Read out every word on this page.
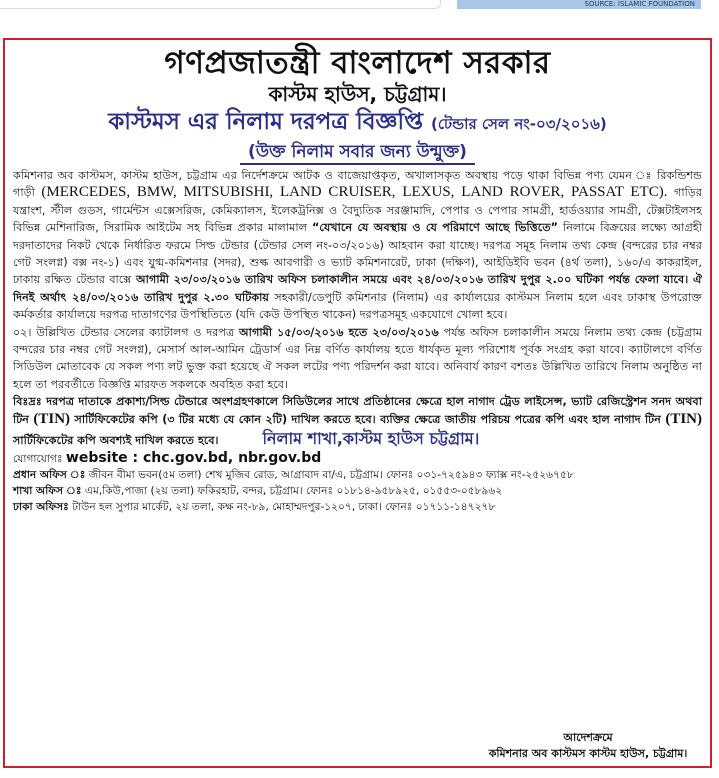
SOURCE: ISLAMIC FOUNDATION

গণপ্রজাতন্ত্রী বাংলাদেশ সরকার

কাস্টম হাউস, চট্টগ্রাম।

কাস্টমস এর নিলাম দরপত্র বিজ্ঞপ্তি (টেন্ডার সেল নং-০৩/২০১৬)

(উক্ত নিলাম সবার জন্য উন্মুক্ত)

কমিশনার অব কাস্টমস, কাস্টম হাউস, চট্টগ্রাম এর নির্দেশক্রমে আটক ও বাজেয়াপ্তকৃত, অখালাসকৃত অবস্থায় পড়ে থাকা বিভিন্ন পণ্য যেমন ঃ রিকন্ডিশন্ড গাড়ী (MERCEDES, BMW, MITSUBISHI, LAND CRUISER, LEXUS, LAND ROVER, PASSAT ETC). গাড়ির যন্ত্রাংশ, স্টীল গুডস, গার্মেন্টস এক্সেসরিজ, কেমিক্যালস, ইলেকট্রনিক্স ও বৈদ্যুতিক সরঞ্জামাদি, পেপার ও পেপার সামগ্রী, হার্ডওয়্যার সামগ্রী, টেক্সটাইলসহ বিভিন্ন মেশিনারিজ, সিরামিক আইটেম সহ বিভিন্ন প্রকার মালামাল “যেখানে যে অবস্থায় ও যে পরিমাণে আছে ভিত্তিতে” নিলামে বিক্রয়ের লক্ষ্যে আগ্রহী দরদাতাদের নিকট থেকে নির্ধারিত ফরমে সিল্ড টেন্ডার (টেন্ডার সেল নং-০৩/২০১৬) আহবান করা যাচ্ছে। দরপত্র সমূহ নিলাম তথ্য কেন্দ্র (বন্দরের চার নম্বর গেট সংলগ্ন) বক্স নং-১) এবং যুগ্ম-কমিশনার (সদর), শুল্ক আবগারী ও ভ্যাট কমিশনারেট, ঢাকা (দক্ষিণ), আইডিইবি ভবন (৪র্থ তলা), ১৬০/এ কাকরাইল, ঢাকায় রক্ষিত টেন্ডার বাক্সে আগামী ২৩/০৩/২০১৬ তারিখ অফিস চলাকালীন সময়ে এবং ২৪/০৩/২০১৬ তারিখ দুপুর ২.০০ ঘটিকা পর্যন্ত ফেলা যাবে। ঐ দিনই অর্থাৎ ২৪/০৩/২০১৬ তারিখ দুপুর ২.৩০ ঘটিকায় সহকারী/ডেপুটি কমিশনার (নিলাম) এর কার্যালয়ের কাস্টমস নিলাম হলে এবং ঢাকাস্থ উপরোক্ত কর্মকর্তার কার্যালয়ে দরপত্র দাতাগণের উপস্থিতিতে (যদি কেউ উপস্থিত থাকেন) দরপত্রসমূহ একযোগে খোলা হবে।

০২। উল্লিখিত টেন্ডার সেলের ক্যাটালগ ও দরপত্র আগামী ১৫/০৩/২০১৬ হতে ২৩/০৩/২০১৬ পর্যন্ত অফিস চলাকালীন সময়ে নিলাম তথ্য কেন্দ্র (চট্টগ্রাম বন্দরের চার নম্বর গেট সংলগ্ন), মেসার্স আল-আমিন ট্রেডার্স এর নিম্ন বর্ণিত কার্যালয় হতে ধার্যকৃত মূল্য পরিশোধ পূর্বক সংগ্রহ করা যাবে। ক্যাটালগে বর্ণিত সিডিউল মোতাবেক যে সকল পণ্য লট ভুক্ত করা হয়েছে ঐ সকল লটের পণ্য পরিদর্শন করা যাবে। অনিবার্য কারণ বশতঃ উল্লিখিত তারিখে নিলাম অনুষ্ঠিত না হলে তা পরবর্তীতে বিজ্ঞপ্তি মারফত সকলকে অবহিত করা হবে।

বিঃদ্রঃ দরপত্র দাতাকে প্রকাশ্য/সিল্ড টেন্ডারে অংশগ্রহণকালে সিডিউলের সাথে প্রতিষ্ঠানের ক্ষেত্রে হাল নাগাদ ট্রেড লাইসেন্স, ভ্যাট রেজিস্ট্রেশন সনদ অথবা টিন (TIN) সার্টিফিকেটের কপি (৩ টির মধ্যে যে কোন ২টি) দাখিল করতে হবে। ব্যক্তির ক্ষেত্রে জাতীয় পরিচয় পত্রের কপি এবং হাল নাগাদ টিন (TIN) সার্টিফিকেটের কপি অবশ্যই দাখিল করতে হবে।	নিলাম শাখা,কাস্টম হাউস চট্টগ্রাম।

যোগাযোগঃ website : chc.gov.bd, nbr.gov.bd

প্রধান অফিস ঃ জীবন বীমা ভবন(৫ম তলা) শেখ মুজিব রোড, আগ্রাবাদ বা/এ, চট্টগ্রাম। ফোনঃ ০৩১-৭২৫৯৪৩ ফ্যাক্স নং-২৫২৬৭৫৮

শাখা অফিস ঃ এম,কিউ,পাজা (২য় তলা) ফকিরহাট, বন্দর, চট্টগ্রাম। ফোনঃ ০১৮১৪-৯৫৮৯২৫, ০১৫৫৩-০৫৮৯৬২

ঢাকা অফিসঃ টাউন হল সুপার মার্কেট, ২য় তলা, কক্ষ নং-৮৯, মোহাম্মদপুর-১২০৭, ঢাকা। ফোনঃ ০১৭১১-১৪৭২৭৮

আদেশক্রমে
কমিশনার অব কাস্টমস কাস্টম হাউস, চট্টগ্রাম।
